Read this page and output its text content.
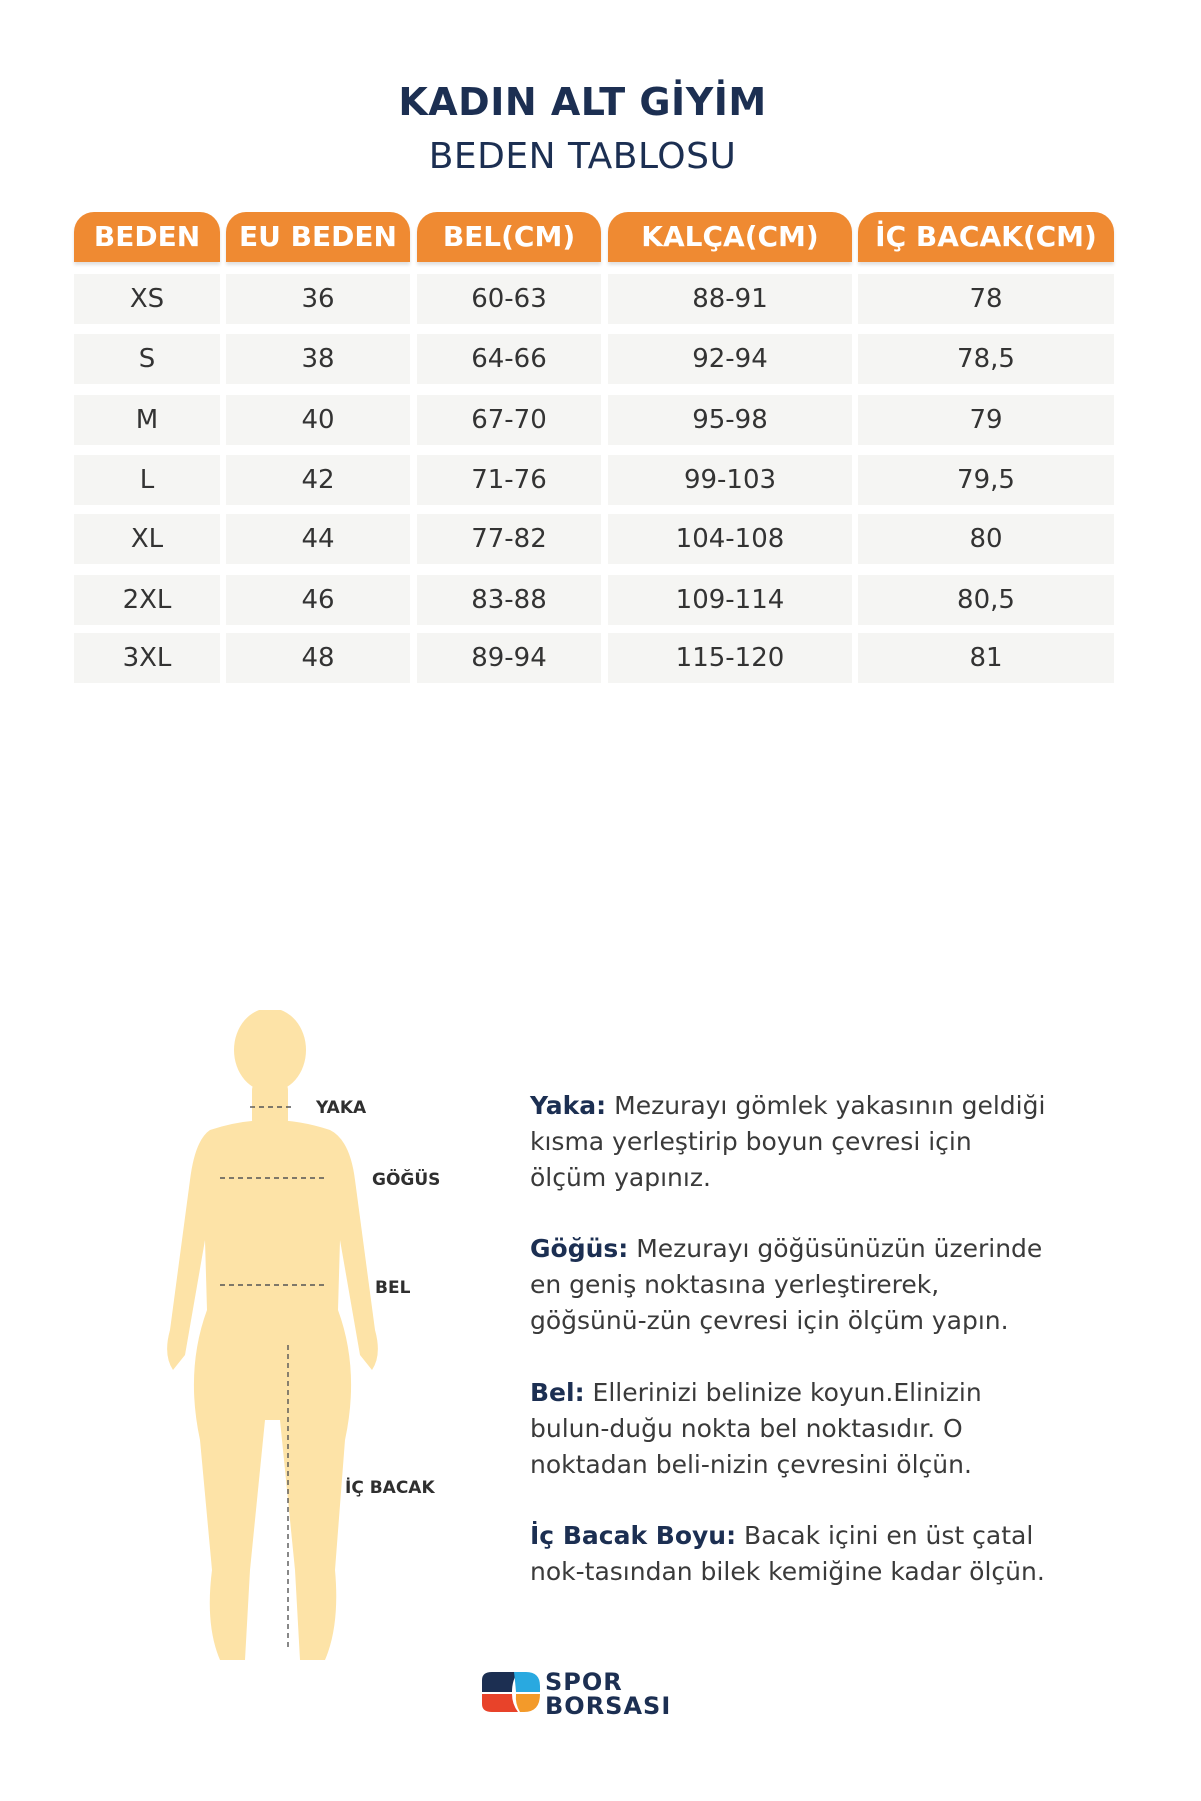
KADIN ALT GİYİM
BEDEN TABLOSU
BEDEN	EU BEDEN	BEL(CM)	KALÇA(CM)	İÇ BACAK(CM)
XS	36	60-63	88-91	78
S	38	64-66	92-94	78,5
M	40	67-70	95-98	79
L	42	71-76	99-103	79,5
XL	44	77-82	104-108	80
2XL	46	83-88	109-114	80,5
3XL	48	89-94	115-120	81
YAKA
GÖĞÜS
BEL
İÇ BACAK
Yaka: Mezurayı gömlek yakasının geldiği kısma yerleştirip boyun çevresi için ölçüm yapınız.
Göğüs: Mezurayı göğüsünüzün üzerinde en geniş noktasına yerleştirerek, göğsünü-zün çevresi için ölçüm yapın.
Bel: Ellerinizi belinize koyun.Elinizin bulun-duğu nokta bel noktasıdır. O noktadan beli-nizin çevresini ölçün.
İç Bacak Boyu: Bacak içini en üst çatal nok-tasından bilek kemiğine kadar ölçün.
SPOR
BORSASI
